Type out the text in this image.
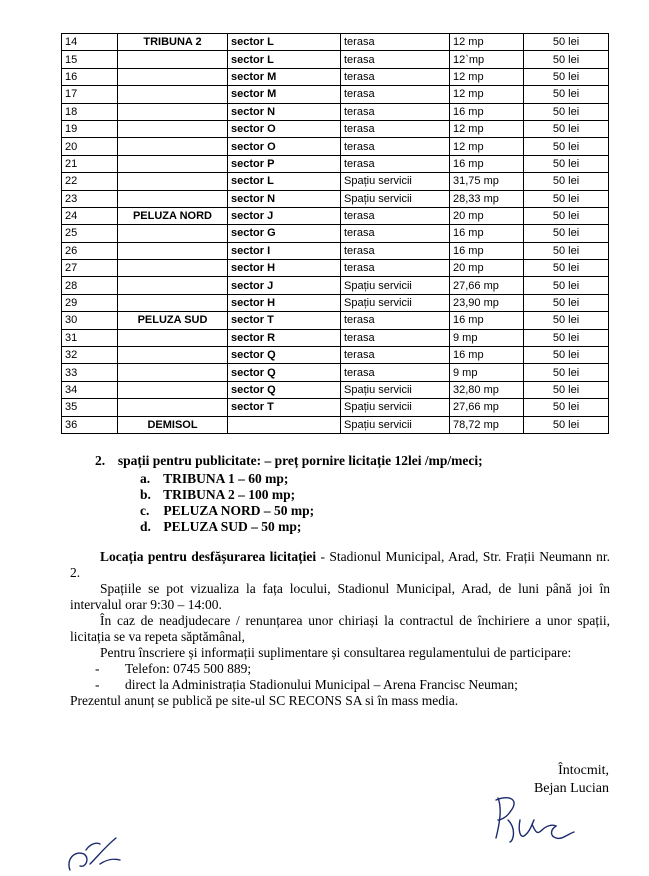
14	TRIBUNA 2	sector L	terasa	12 mp	50 lei
15		sector L	terasa	12`mp	50 lei
16		sector M	terasa	12 mp	50 lei
17		sector M	terasa	12 mp	50 lei
18		sector N	terasa	16 mp	50 lei
19		sector O	terasa	12 mp	50 lei
20		sector O	terasa	12 mp	50 lei
21		sector P	terasa	16 mp	50 lei
22		sector L	Spațiu servicii	31,75 mp	50 lei
23		sector N	Spațiu servicii	28,33 mp	50 lei
24	PELUZA NORD	sector J	terasa	20 mp	50 lei
25		sector G	terasa	16 mp	50 lei
26		sector I	terasa	16 mp	50 lei
27		sector H	terasa	20 mp	50 lei
28		sector J	Spațiu servicii	27,66 mp	50 lei
29		sector H	Spațiu servicii	23,90 mp	50 lei
30	PELUZA SUD	sector T	terasa	16 mp	50 lei
31		sector R	terasa	9 mp	50 lei
32		sector Q	terasa	16 mp	50 lei
33		sector Q	terasa	9 mp	50 lei
34		sector Q	Spațiu servicii	32,80 mp	50 lei
35		sector T	Spațiu servicii	27,66 mp	50 lei
36	DEMISOL		Spațiu servicii	78,72 mp	50 lei
2. spații pentru publicitate: – preț pornire licitație 12lei /mp/meci;
a. TRIBUNA 1 – 60 mp;
b. TRIBUNA 2 – 100 mp;
c. PELUZA NORD – 50 mp;
d. PELUZA SUD – 50 mp;
Locația pentru desfășurarea licitației - Stadionul Municipal, Arad, Str. Frații Neumann nr. 2.
Spațiile se pot vizualiza la fața locului, Stadionul Municipal, Arad, de luni până joi în intervalul orar 9:30 – 14:00.
În caz de neadjudecare / renunțarea unor chiriași la contractul de închiriere a unor spații, licitația se va repeta săptămânal,
Pentru înscriere și informații suplimentare și consultarea regulamentului de participare:
- Telefon: 0745 500 889;
- direct la Administrația Stadionului Municipal – Arena Francisc Neuman;
Prezentul anunț se publică pe site-ul SC RECONS SA si în mass media.
Întocmit,
Bejan Lucian
